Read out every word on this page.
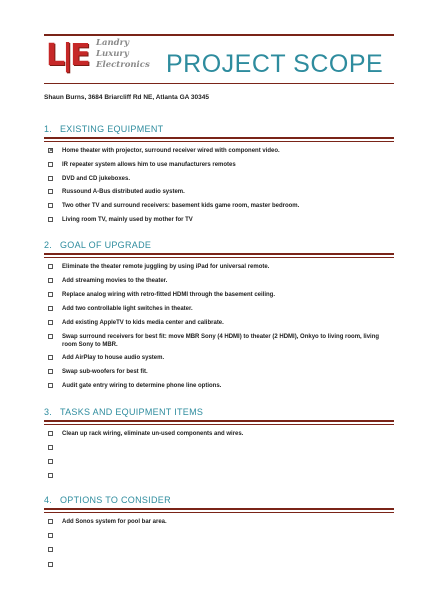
L|E Landry
Luxury
Electronics PROJECT SCOPE
Shaun Burns, 3684 Briarcliff Rd NE, Atlanta GA 30345
1. EXISTING EQUIPMENT
✕
Home theater with projector, surround receiver wired with component video.
IR repeater system allows him to use manufacturers remotes
DVD and CD jukeboxes.
Russound A-Bus distributed audio system.
Two other TV and surround receivers: basement kids game room, master bedroom.
Living room TV, mainly used by mother for TV
2. GOAL OF UPGRADE
Eliminate the theater remote juggling by using iPad for universal remote.
Add streaming movies to the theater.
Replace analog wiring with retro-fitted HDMI through the basement ceiling.
Add two controllable light switches in theater.
Add existing AppleTV to kids media center and calibrate.
Swap surround receivers for best fit: move MBR Sony (4 HDMI) to theater (2 HDMI), Onkyo to living room, living room Sony to MBR.
Add AirPlay to house audio system.
Swap sub-woofers for best fit.
Audit gate entry wiring to determine phone line options.
3. TASKS AND EQUIPMENT ITEMS
Clean up rack wiring, eliminate un-used components and wires.
4. OPTIONS TO CONSIDER
Add Sonos system for pool bar area.
